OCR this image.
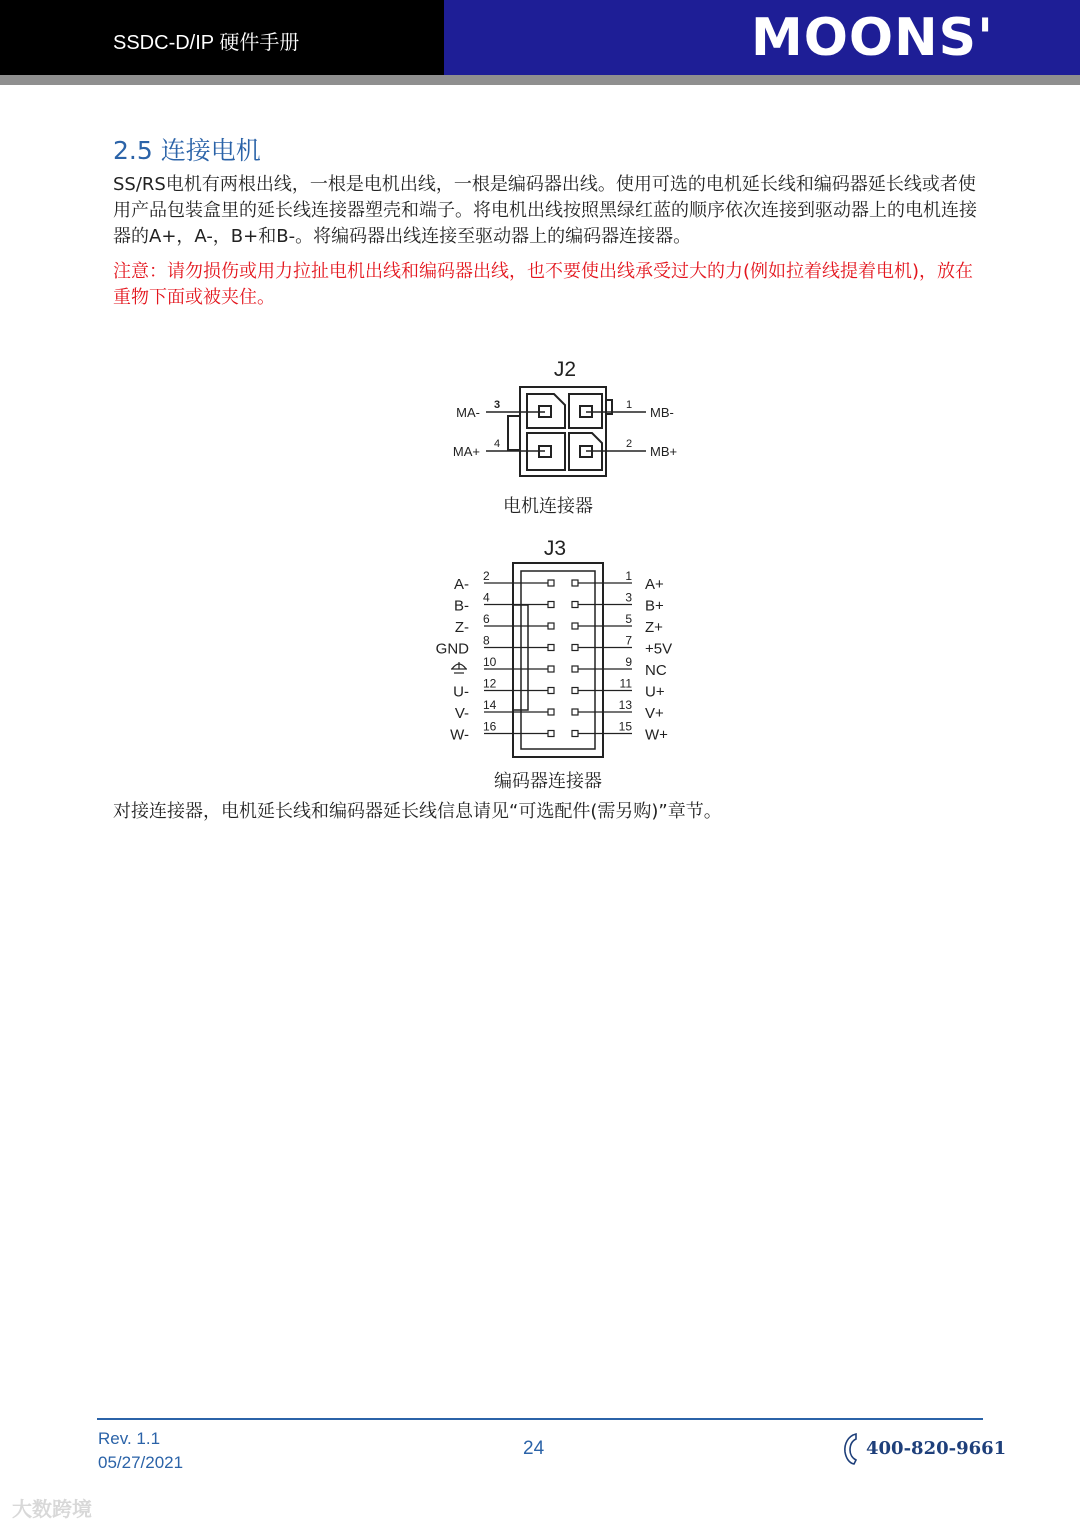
SSDC-D/IP 硬件手册	MOONS'
2.5 连接电机
SS/RS电机有两根出线，一根是电机出线，一根是编码器出线。使用可选的电机延长线和编码器延长线或者使用产品包装盒里的延长线连接器塑壳和端子。将电机出线按照黑绿红蓝的顺序依次连接到驱动器上的电机连接器的A+，A-，B+和B-。将编码器出线连接至驱动器上的编码器连接器。
注意：请勿损伤或用力拉扯电机出线和编码器出线，也不要使出线承受过大的力(例如拉着线提着电机)，放在重物下面或被夹住。
J2
3
MA-
4
MA+
1 MB-
2 MB+
电机连接器
J3
2
A-	1 A+
4
B-	3 B+
6
Z-	5 Z+
8
GND	7 +5V
10	9 NC
12
U-	11 U+
14
V-	13 V+
16
W-	15 W+
编码器连接器
对接连接器，电机延长线和编码器延长线信息请见“可选配件(需另购)”章节。
Rev. 1.1
05/27/2021
24	400-820-9661
大数跨境
